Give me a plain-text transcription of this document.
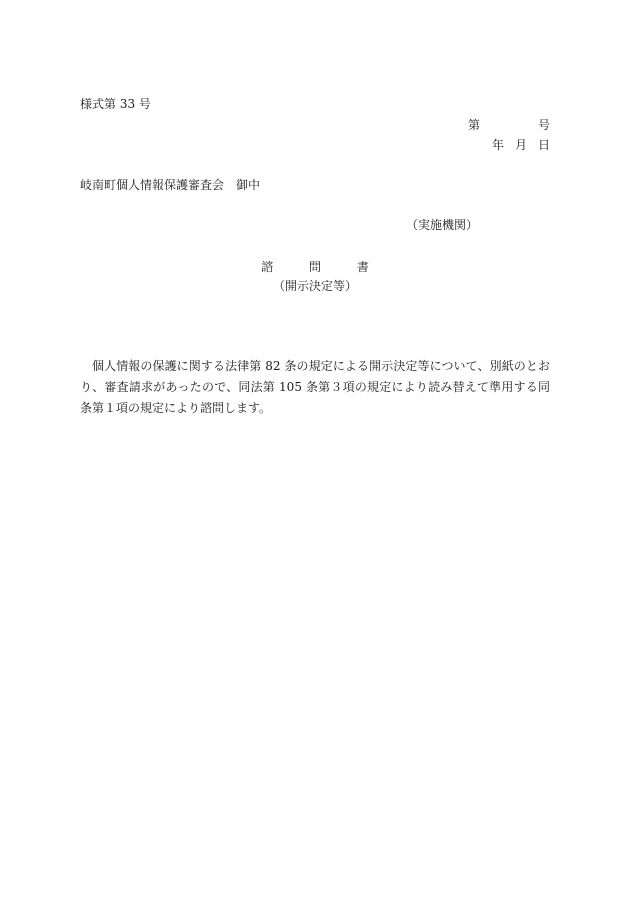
様式第 33 号
第	号
年 月 日
岐南町個人情報保護審査会　御中
（実施機関）
諮	問	書
（開示決定等）

個人情報の保護に関する法律第 82 条の規定による開示決定等について、別紙のとおり、審査請求があったので、同法第 105 条第３項の規定により読み替えて準用する同条第１項の規定により諮問します。
